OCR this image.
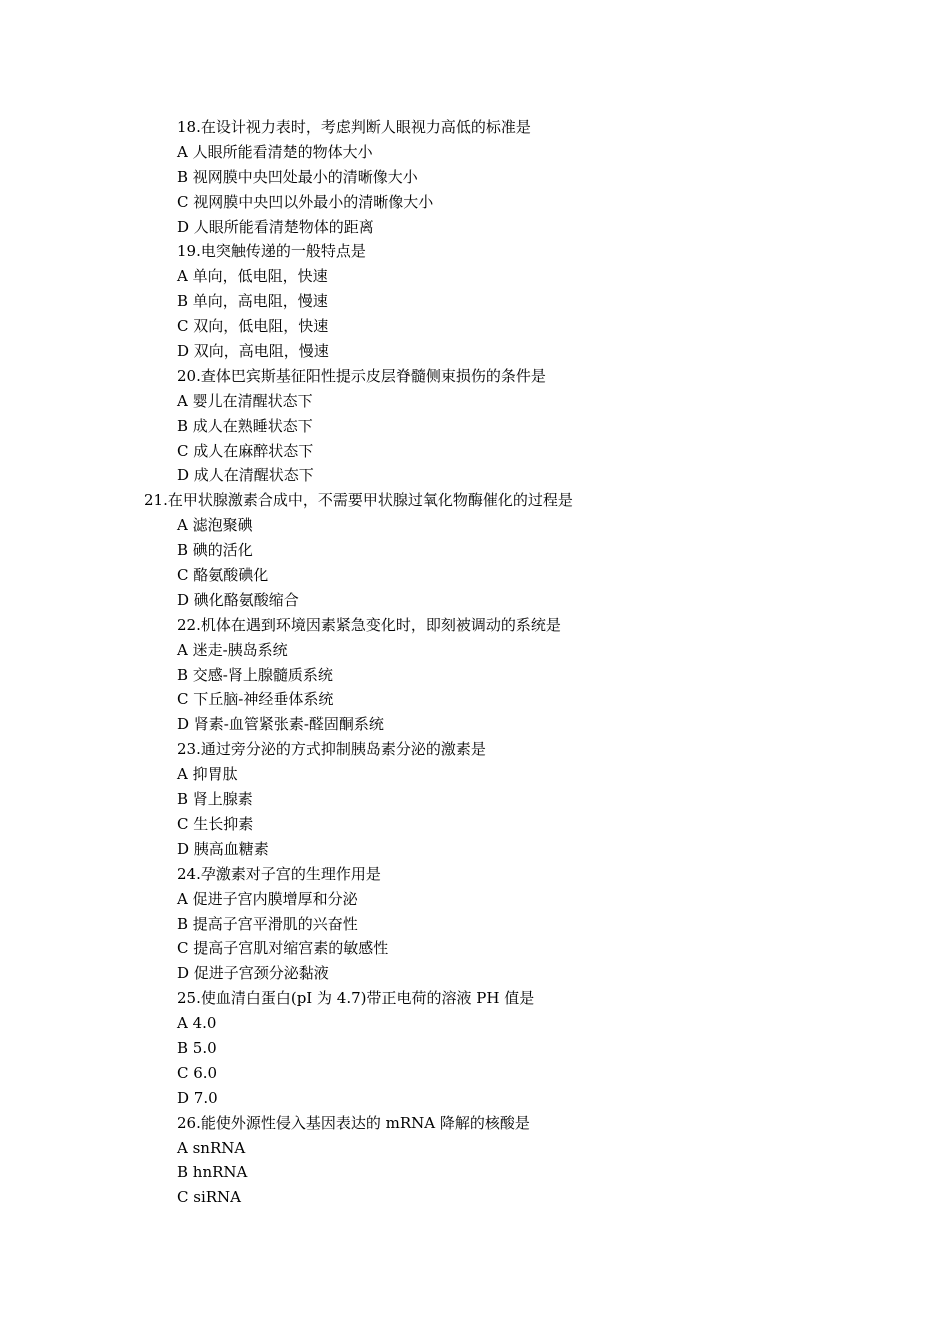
18.在设计视力表时，考虑判断人眼视力高低的标准是
A 人眼所能看清楚的物体大小
B 视网膜中央凹处最小的清晰像大小
C 视网膜中央凹以外最小的清晰像大小
D 人眼所能看清楚物体的距离
19.电突触传递的一般特点是
A 单向，低电阻，快速
B 单向，高电阻，慢速
C 双向，低电阻，快速
D 双向，高电阻，慢速
20.查体巴宾斯基征阳性提示皮层脊髓侧束损伤的条件是
A 婴儿在清醒状态下
B 成人在熟睡状态下
C 成人在麻醉状态下
D 成人在清醒状态下
21.在甲状腺激素合成中，不需要甲状腺过氧化物酶催化的过程是
A 滤泡聚碘
B 碘的活化
C 酪氨酸碘化
D 碘化酪氨酸缩合
22.机体在遇到环境因素紧急变化时，即刻被调动的系统是
A 迷走-胰岛系统
B 交感-肾上腺髓质系统
C 下丘脑-神经垂体系统
D 肾素-血管紧张素-醛固酮系统
23.通过旁分泌的方式抑制胰岛素分泌的激素是
A 抑胃肽
B 肾上腺素
C 生长抑素
D 胰高血糖素
24.孕激素对子宫的生理作用是
A 促进子宫内膜增厚和分泌
B 提高子宫平滑肌的兴奋性
C 提高子宫肌对缩宫素的敏感性
D 促进子宫颈分泌黏液
25.使血清白蛋白(pI 为 4.7)带正电荷的溶液 PH 值是
A 4.0
B 5.0
C 6.0
D 7.0
26.能使外源性侵入基因表达的 mRNA 降解的核酸是
A snRNA
B hnRNA
C siRNA
